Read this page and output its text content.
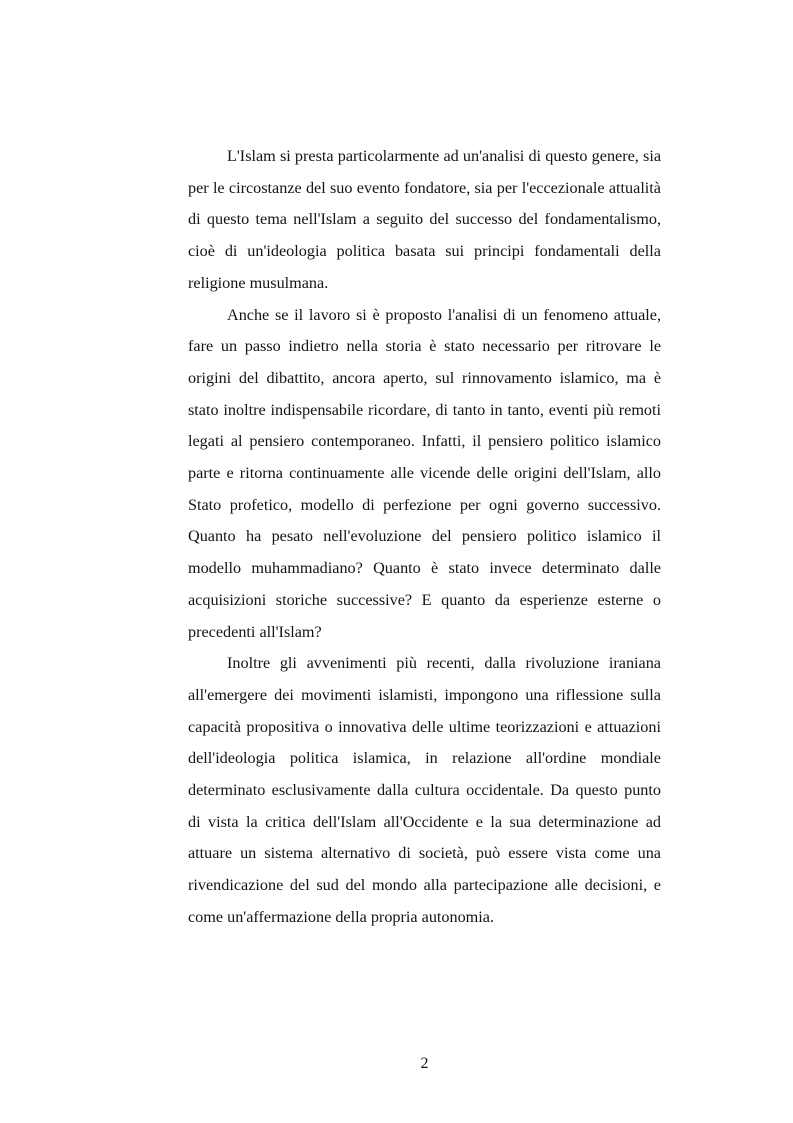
L'Islam si presta particolarmente ad un'analisi di questo genere, sia per le circostanze del suo evento fondatore, sia per l'eccezionale attualità di questo tema nell'Islam a seguito del successo del fondamentalismo, cioè di un'ideologia politica basata sui principi fondamentali della religione musulmana.

Anche se il lavoro si è proposto l'analisi di un fenomeno attuale, fare un passo indietro nella storia è stato necessario per ritrovare le origini del dibattito, ancora aperto, sul rinnovamento islamico, ma è stato inoltre indispensabile ricordare, di tanto in tanto, eventi più remoti legati al pensiero contemporaneo. Infatti, il pensiero politico islamico parte e ritorna continuamente alle vicende delle origini dell'Islam, allo Stato profetico, modello di perfezione per ogni governo successivo. Quanto ha pesato nell'evoluzione del pensiero politico islamico il modello muhammadiano? Quanto è stato invece determinato dalle acquisizioni storiche successive? E quanto da esperienze esterne o precedenti all'Islam?

Inoltre gli avvenimenti più recenti, dalla rivoluzione iraniana all'emergere dei movimenti islamisti, impongono una riflessione sulla capacità propositiva o innovativa delle ultime teorizzazioni e attuazioni dell'ideologia politica islamica, in relazione all'ordine mondiale determinato esclusivamente dalla cultura occidentale. Da questo punto di vista la critica dell'Islam all'Occidente e la sua determinazione ad attuare un sistema alternativo di società, può essere vista come una rivendicazione del sud del mondo alla partecipazione alle decisioni, e come un'affermazione della propria autonomia.

2
